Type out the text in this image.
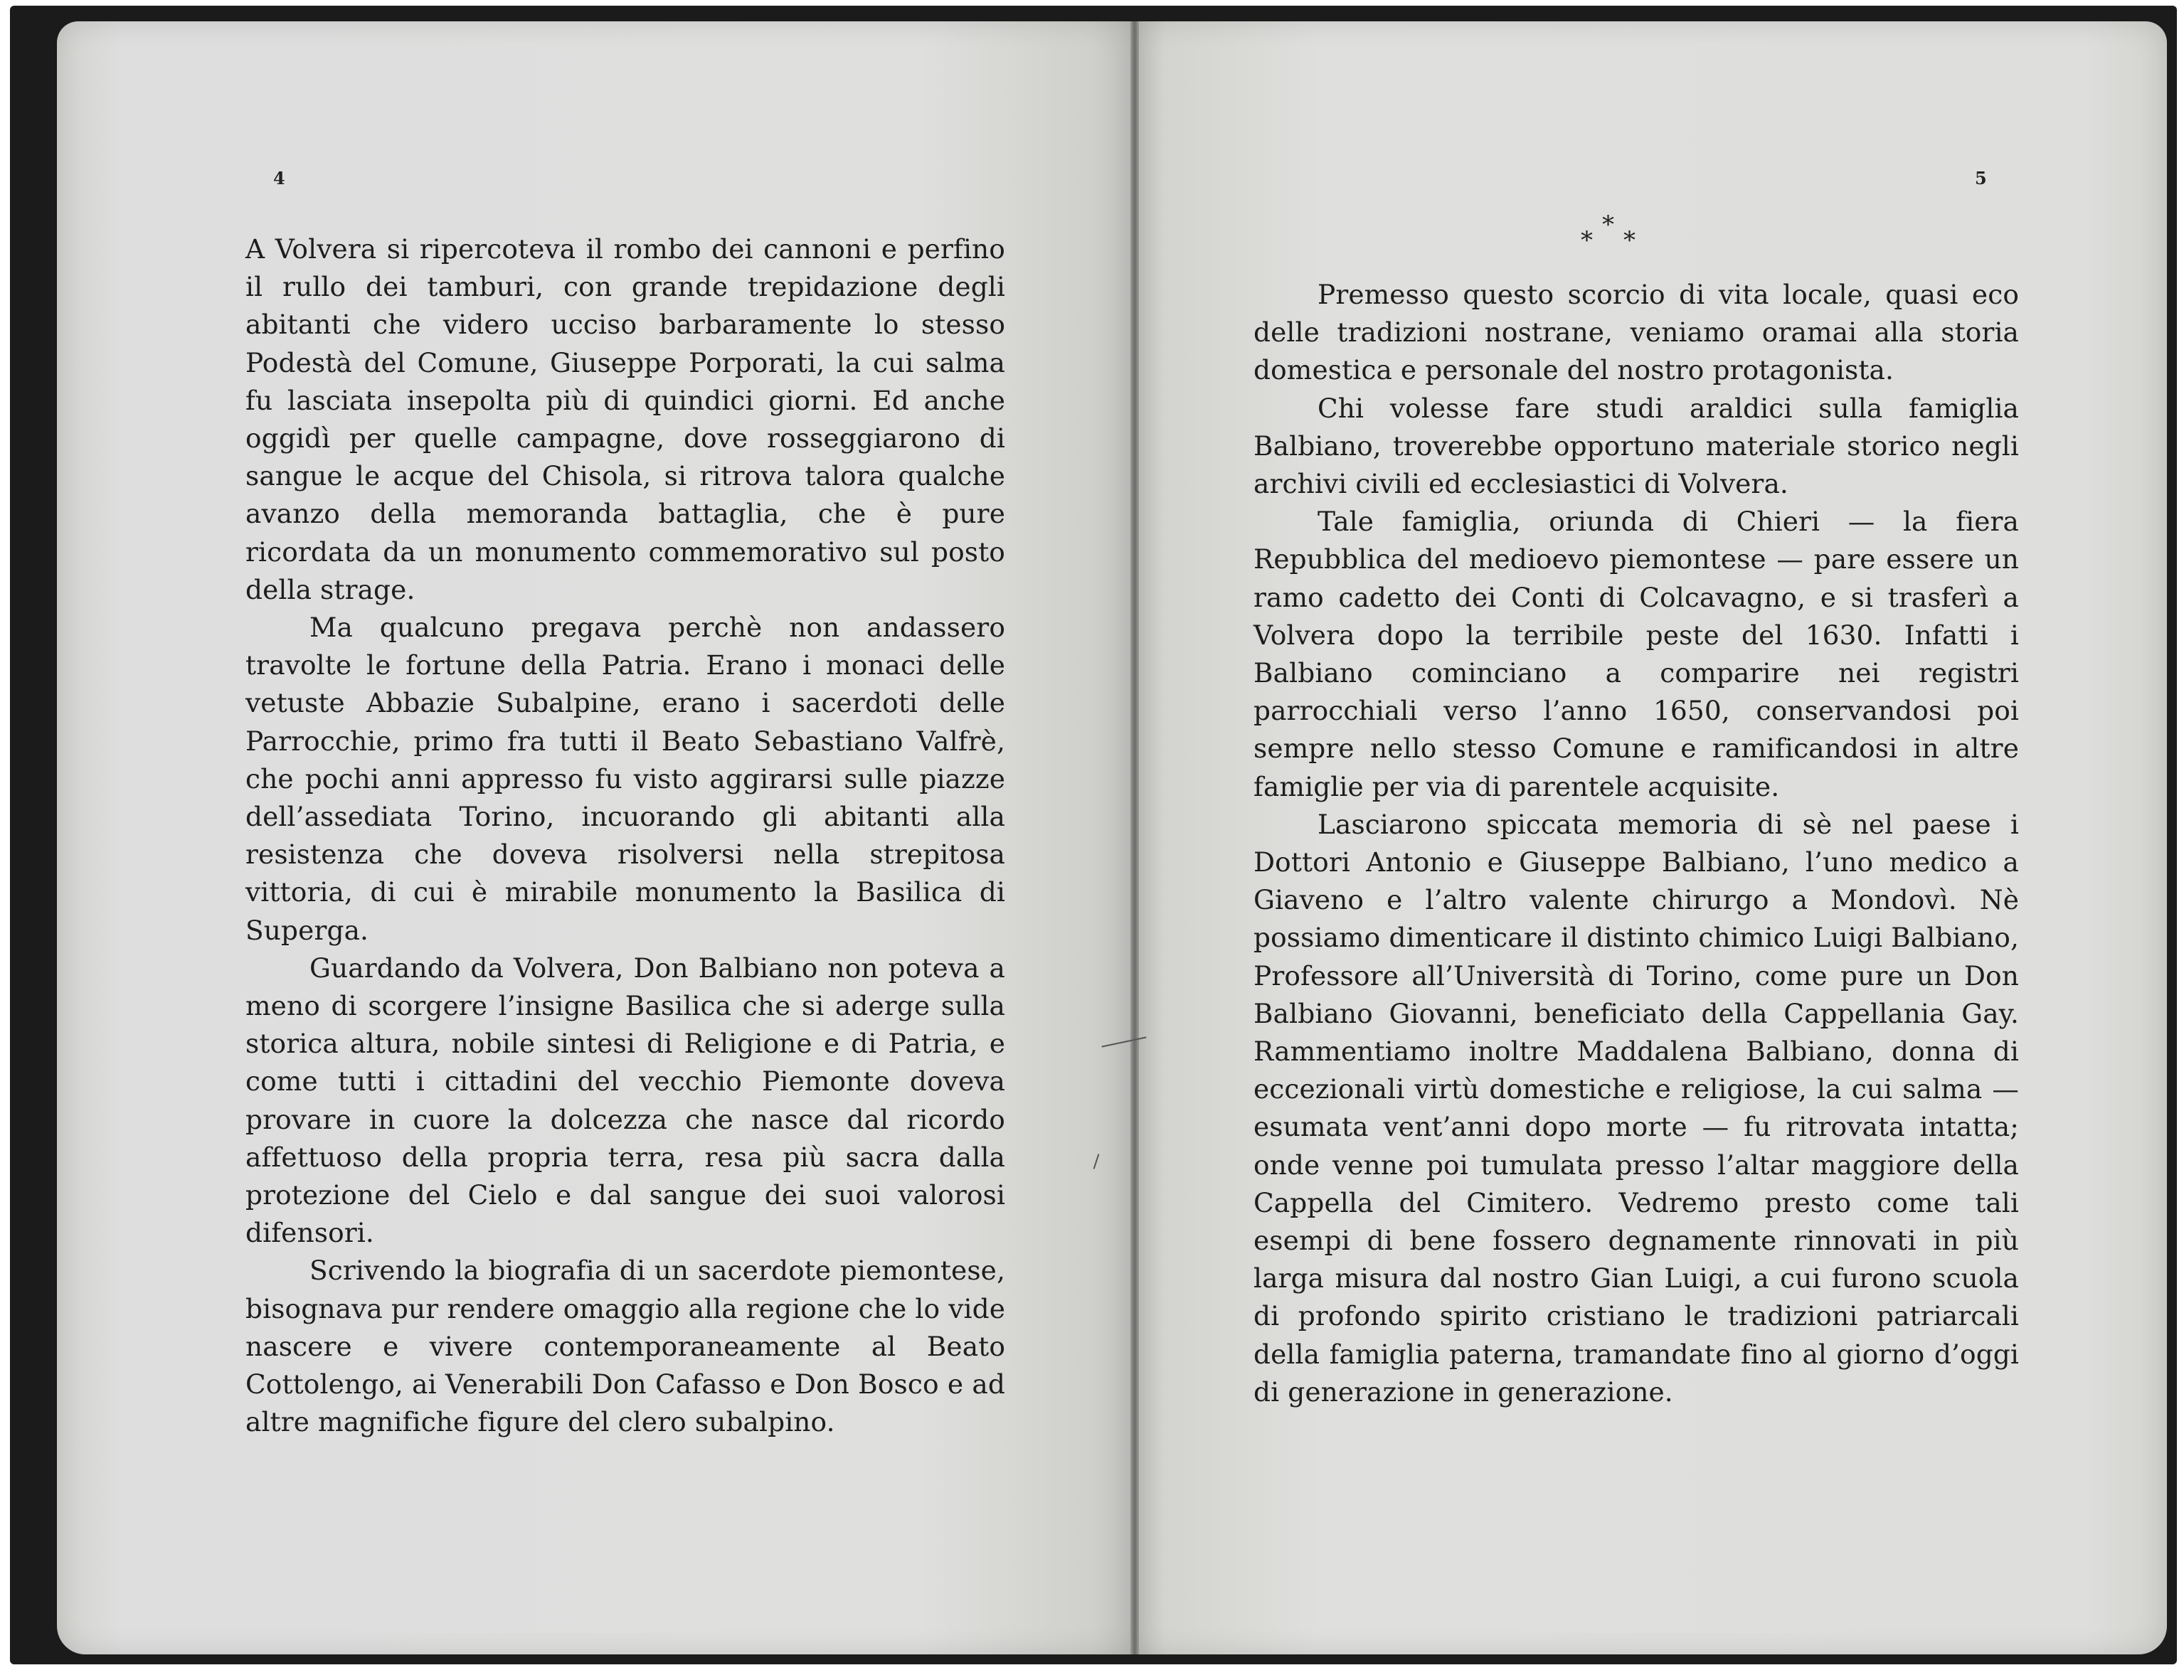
4	5

A Volvera si ripercoteva il rombo dei cannoni e perfino il rullo dei tamburi, con grande trepidazione degli abitanti che videro ucciso barbaramente lo stesso Podestà del Comune, Giuseppe Porporati, la cui salma fu lasciata insepolta più di quindici giorni. Ed anche oggidì per quelle campagne, dove rosseggiarono di sangue le acque del Chisola, si ritrova talora qualche avanzo della memoranda battaglia, che è pure ricordata da un monumento commemorativo sul posto della strage.

Ma qualcuno pregava perchè non andassero travolte le fortune della Patria. Erano i monaci delle vetuste Abbazie Subalpine, erano i sacerdoti delle Parrocchie, primo fra tutti il Beato Sebastiano Valfrè, che pochi anni appresso fu visto aggirarsi sulle piazze dell’assediata Torino, incuorando gli abitanti alla resistenza che doveva risolversi nella strepitosa vittoria, di cui è mirabile monumento la Basilica di Superga.

Guardando da Volvera, Don Balbiano non poteva a meno di scorgere l’insigne Basilica che si aderge sulla storica altura, nobile sintesi di Religione e di Patria, e come tutti i cittadini del vecchio Piemonte doveva provare in cuore la dolcezza che nasce dal ricordo affettuoso della propria terra, resa più sacra dalla protezione del Cielo e dal sangue dei suoi valorosi difensori.

Scrivendo la biografia di un sacerdote piemontese, bisognava pur rendere omaggio alla regione che lo vide nascere e vivere contemporaneamente al Beato Cottolengo, ai Venerabili Don Cafasso e Don Bosco e ad altre magnifiche figure del clero subalpino.

*
* *

Premesso questo scorcio di vita locale, quasi eco delle tradizioni nostrane, veniamo oramai alla storia domestica e personale del nostro protagonista.

Chi volesse fare studi araldici sulla famiglia Balbiano, troverebbe opportuno materiale storico negli archivi civili ed ecclesiastici di Volvera.

Tale famiglia, oriunda di Chieri — la fiera Repubblica del medioevo piemontese — pare essere un ramo cadetto dei Conti di Colcavagno, e si trasferì a Volvera dopo la terribile peste del 1630. Infatti i Balbiano cominciano a comparire nei registri parrocchiali verso l’anno 1650, conservandosi poi sempre nello stesso Comune e ramificandosi in altre famiglie per via di parentele acquisite.

Lasciarono spiccata memoria di sè nel paese i Dottori Antonio e Giuseppe Balbiano, l’uno medico a Giaveno e l’altro valente chirurgo a Mondovì. Nè possiamo dimenticare il distinto chimico Luigi Balbiano, Professore all’Università di Torino, come pure un Don Balbiano Giovanni, beneficiato della Cappellania Gay. Rammentiamo inoltre Maddalena Balbiano, donna di eccezionali virtù domestiche e religiose, la cui salma — esumata vent’anni dopo morte — fu ritrovata intatta; onde venne poi tumulata presso l’altar maggiore della Cappella del Cimitero. Vedremo presto come tali esempi di bene fossero degnamente rinnovati in più larga misura dal nostro Gian Luigi, a cui furono scuola di profondo spirito cristiano le tradizioni patriarcali della famiglia paterna, tramandate fino al giorno d’oggi di generazione in generazione.
